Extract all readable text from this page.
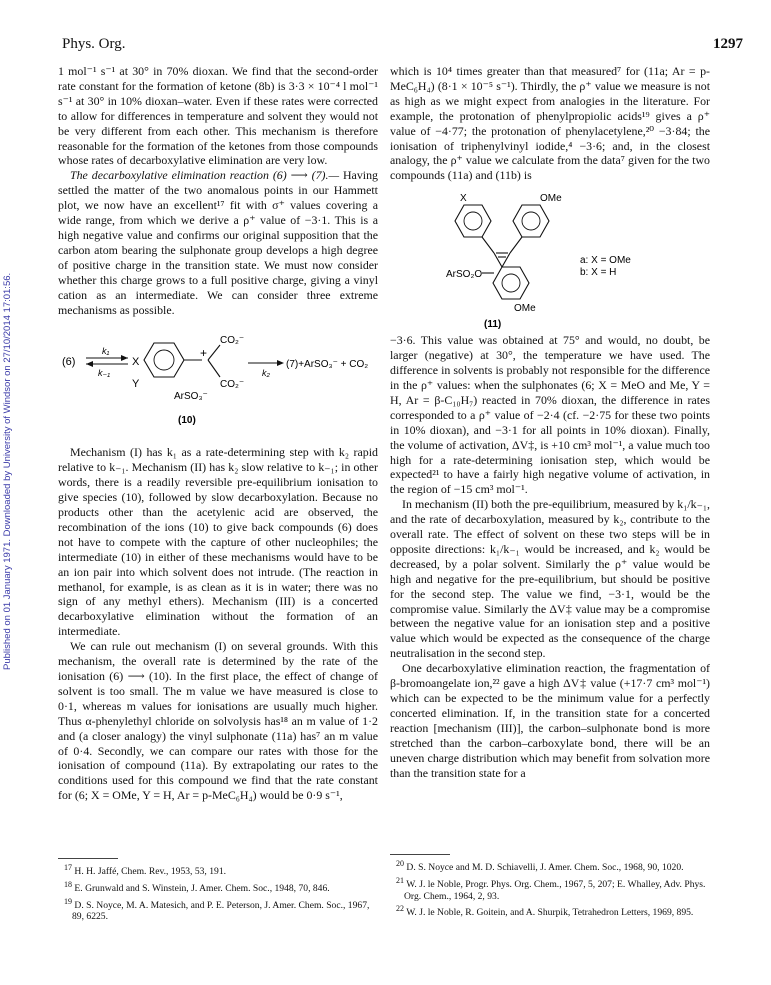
Phys. Org.	1297
Published on 01 January 1971. Downloaded by University of Windsor on 27/10/2014 17:01:56.

1 mol⁻¹ s⁻¹ at 30° in 70% dioxan. We find that the second-order rate constant for the formation of ketone (8b) is 3·3 × 10⁻⁴ l mol⁻¹ s⁻¹ at 30° in 10% dioxan–water. Even if these rates were corrected to allow for differences in temperature and solvent they would not be very different from each other. This mechanism is therefore reasonable for the formation of the ketones from those compounds whose rates of decarboxylative elimination are very low.

The decarboxylative elimination reaction (6) ⟶ (7).— Having settled the matter of the two anomalous points in our Hammett plot, we now have an excellent¹⁷ fit with σ⁺ values covering a wide range, from which we derive a ρ⁺ value of −3·1. This is a high negative value and confirms our original supposition that the carbon atom bearing the sulphonate group develops a high degree of positive charge in the transition state. We must now consider whether this charge grows to a full positive charge, giving a vinyl cation as an intermediate. We can consider three extreme mechanisms as possible.

(6)
k₁
k₋₁
X
Y
+
CO₂⁻
CO₂⁻
ArSO₃⁻
k₂
(7)+ArSO₃⁻ + CO₂
(10)

Mechanism (I) has k₁ as a rate-determining step with k₂ rapid relative to k₋₁. Mechanism (II) has k₂ slow relative to k₋₁; in other words, there is a readily reversible pre-equilibrium ionisation to give species (10), followed by slow decarboxylation. Because no products other than the acetylenic acid are observed, the recombination of the ions (10) to give back compounds (6) does not have to compete with the capture of other nucleophiles; the intermediate (10) in either of these mechanisms would have to be an ion pair into which solvent does not intrude. (The reaction in methanol, for example, is as clean as it is in water; there was no sign of any methyl ethers). Mechanism (III) is a concerted decarboxylative elimination without the formation of an intermediate.

We can rule out mechanism (I) on several grounds. With this mechanism, the overall rate is determined by the rate of the ionisation (6) ⟶ (10). In the first place, the effect of change of solvent is too small. The m value we have measured is close to 0·1, whereas m values for ionisations are usually much higher. Thus α-phenylethyl chloride on solvolysis has¹⁸ an m value of 1·2 and (a closer analogy) the vinyl sulphonate (11a) has⁷ an m value of 0·4. Secondly, we can compare our rates with those for the ionisation of compound (11a). By extrapolating our rates to the conditions used for this compound we find that the rate constant for (6; X = OMe, Y = H, Ar = p-MeC₆H₄) would be 0·9 s⁻¹,

which is 10⁴ times greater than that measured⁷ for (11a; Ar = p-MeC₆H₄) (8·1 × 10⁻⁵ s⁻¹). Thirdly, the ρ⁺ value we measure is not as high as we might expect from analogies in the literature. For example, the protonation of phenylpropiolic acids¹⁹ gives a ρ⁺ value of −4·77; the protonation of phenylacetylene,²⁰ −3·84; the ionisation of triphenylvinyl iodide,⁴ −3·6; and, in the closest analogy, the ρ⁺ value we calculate from the data⁷ given for the two compounds (11a) and (11b) is

X	OMe
ArSO₂O
OMe
a: X = OMe
b: X = H
(11)

−3·6. This value was obtained at 75° and would, no doubt, be larger (negative) at 30°, the temperature we have used. The difference in solvents is probably not responsible for the difference in the ρ⁺ values: when the sulphonates (6; X = MeO and Me, Y = H, Ar = β-C₁₀H₇) reacted in 70% dioxan, the difference in rates corresponded to a ρ⁺ value of −2·4 (cf. −2·75 for these two points in 10% dioxan), and −3·1 for all points in 10% dioxan). Finally, the volume of activation, ΔV‡, is +10 cm³ mol⁻¹, a value much too high for a rate-determining ionisation step, which would be expected²¹ to have a fairly high negative volume of activation, in the region of −15 cm³ mol⁻¹.

In mechanism (II) both the pre-equilibrium, measured by k₁/k₋₁, and the rate of decarboxylation, measured by k₂, contribute to the overall rate. The effect of solvent on these two steps will be in opposite directions: k₁/k₋₁ would be increased, and k₂ would be decreased, by a polar solvent. Similarly the ρ⁺ value would be high and negative for the pre-equilibrium, but should be positive for the second step. The value we find, −3·1, would be the compromise value. Similarly the ΔV‡ value may be a compromise between the negative value for an ionisation step and a positive value which would be expected as the consequence of the charge neutralisation in the second step.

One decarboxylative elimination reaction, the fragmentation of β-bromoangelate ion,²² gave a high ΔV‡ value (+17·7 cm³ mol⁻¹) which can be expected to be the minimum value for a perfectly concerted elimination. If, in the transition state for a concerted reaction [mechanism (III)], the carbon–sulphonate bond is more stretched than the carbon–carboxylate bond, there will be an uneven charge distribution which may benefit from solvation more than the transition state for a

$^{17}$ H. H. Jaffé, Chem. Rev., 1953, 53, 191.

$^{18}$ E. Grunwald and S. Winstein, J. Amer. Chem. Soc., 1948, 70, 846.

$^{19}$ D. S. Noyce, M. A. Matesich, and P. E. Peterson, J. Amer. Chem. Soc., 1967, 89, 6225.

$^{20}$ D. S. Noyce and M. D. Schiavelli, J. Amer. Chem. Soc., 1968, 90, 1020.

$^{21}$ W. J. le Noble, Progr. Phys. Org. Chem., 1967, 5, 207; E. Whalley, Adv. Phys. Org. Chem., 1964, 2, 93.

$^{22}$ W. J. le Noble, R. Goitein, and A. Shurpik, Tetrahedron Letters, 1969, 895.
